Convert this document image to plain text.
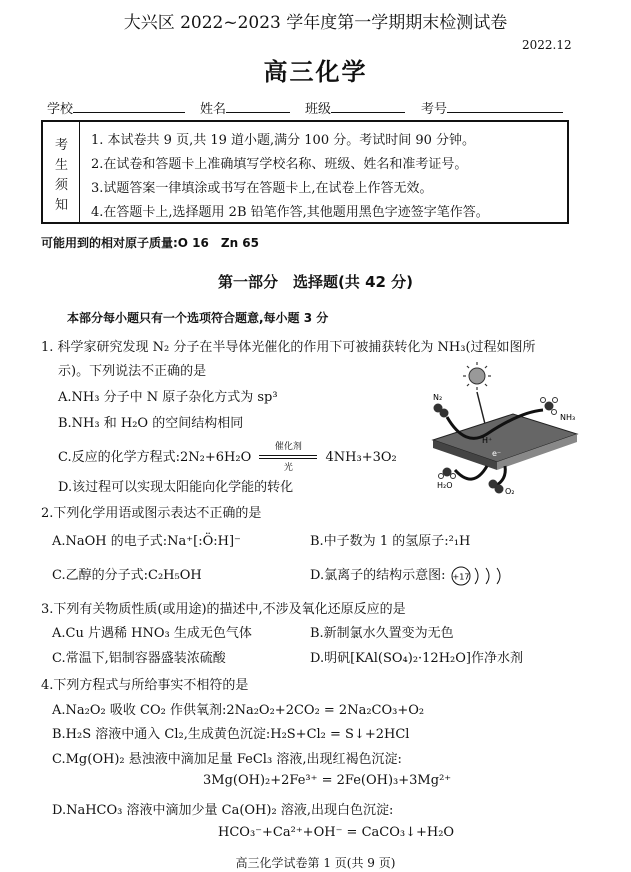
大兴区 2022~2023 学年度第一学期期末检测试卷
2022.12
高三化学
学校	姓名	班级	考号
考
生
须
知
1. 本试卷共 9 页,共 19 道小题,满分 100 分。考试时间 90 分钟。
2.在试卷和答题卡上准确填写学校名称、班级、姓名和准考证号。
3.试题答案一律填涂或书写在答题卡上,在试卷上作答无效。
4.在答题卡上,选择题用 2B 铅笔作答,其他题用黑色字迹签字笔作答。
可能用到的相对原子质量:O 16　Zn 65
第一部分　选择题(共 42 分)
本部分每小题只有一个选项符合题意,每小题 3 分
1. 科学家研究发现 N₂ 分子在半导体光催化的作用下可被捕获转化为 NH₃(过程如图所
示)。下列说法不正确的是
A.NH₃ 分子中 N 原子杂化方式为 sp³
B.NH₃ 和 H₂O 的空间结构相同
C.反应的化学方程式:2N₂+6H₂O
催化剂
光
4NH₃+3O₂
D.该过程可以实现太阳能向化学能的转化
N₂
NH₃
H⁺
e⁻
H₂O
O₂
2.下列化学用语或图示表达不正确的是
A.NaOH 的电子式:Na⁺[:Ö:H]⁻	B.中子数为 1 的氢原子:²₁H
C.乙醇的分子式:C₂H₅OH	D.氯离子的结构示意图: +17
3.下列有关物质性质(或用途)的描述中,不涉及氧化还原反应的是
A.Cu 片遇稀 HNO₃ 生成无色气体	B.新制氯水久置变为无色
C.常温下,铝制容器盛装浓硫酸	D.明矾[KAl(SO₄)₂·12H₂O]作净水剂
4.下列方程式与所给事实不相符的是
A.Na₂O₂ 吸收 CO₂ 作供氧剂:2Na₂O₂+2CO₂ = 2Na₂CO₃+O₂
B.H₂S 溶液中通入 Cl₂,生成黄色沉淀:H₂S+Cl₂ = S↓+2HCl
C.Mg(OH)₂ 悬浊液中滴加足量 FeCl₃ 溶液,出现红褐色沉淀:
3Mg(OH)₂+2Fe³⁺ = 2Fe(OH)₃+3Mg²⁺
D.NaHCO₃ 溶液中滴加少量 Ca(OH)₂ 溶液,出现白色沉淀:
HCO₃⁻+Ca²⁺+OH⁻ = CaCO₃↓+H₂O
高三化学试卷第 1 页(共 9 页)
